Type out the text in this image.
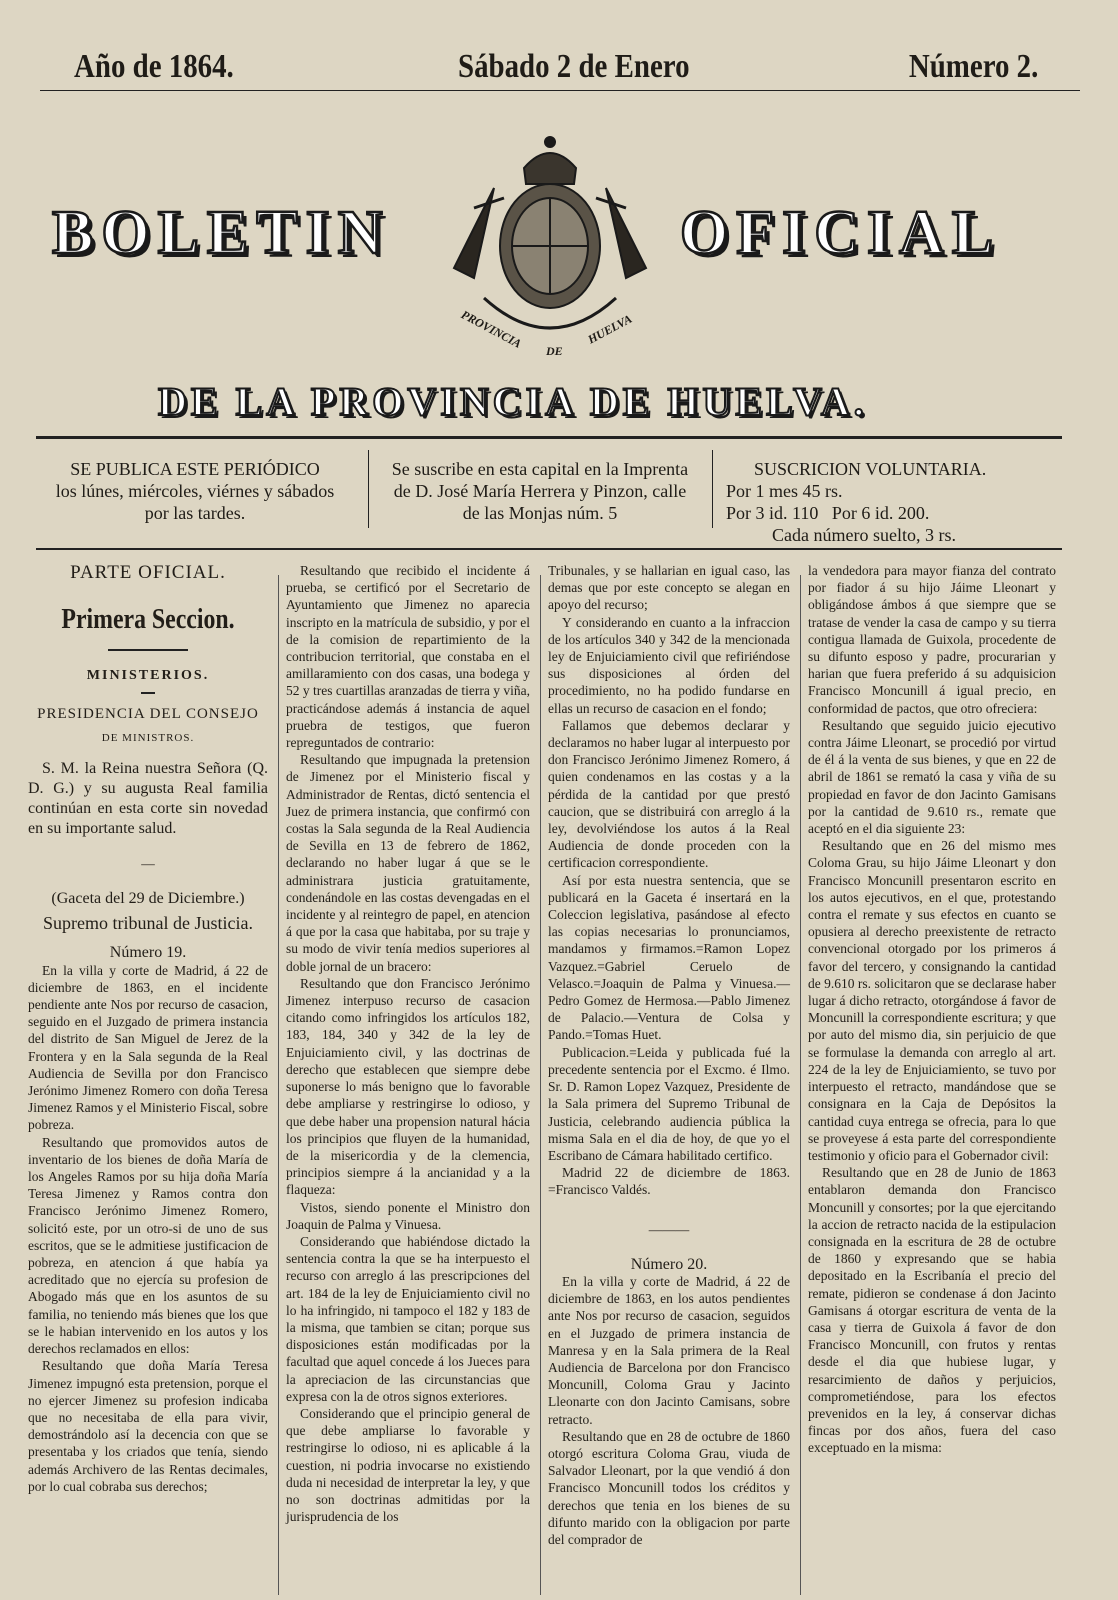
Año de 1864.	Sábado 2 de Enero	Número 2.
BOLETIN	OFICIAL
PROVINCIA
DE
HUELVA
DE LA PROVINCIA DE HUELVA.
SE PUBLICA ESTE PERIÓDICO
los lúnes, miércoles, viérnes y sábados
por las tardes.
Se suscribe en esta capital en la Imprenta
de D. José María Herrera y Pinzon, calle
de las Monjas núm. 5
SUSCRICION VOLUNTARIA.
Por 1 mes 45 rs.
Por 3 id. 110   Por 6 id. 200.
Cada número suelto, 3 rs.
PARTE OFICIAL.
Primera Seccion.
MINISTERIOS.
PRESIDENCIA DEL CONSEJO
DE MINISTROS.

S. M. la Reina nuestra Señora (Q. D. G.) y su augusta Real familia continúan en esta corte sin novedad en su importante salud.

—
(Gaceta del 29 de Diciembre.)
Supremo tribunal de Justicia.
Número 19.

En la villa y corte de Madrid, á 22 de diciembre de 1863, en el incidente pendiente ante Nos por recurso de casacion, seguido en el Juzgado de primera instancia del distrito de San Miguel de Jerez de la Frontera y en la Sala segunda de la Real Audiencia de Sevilla por don Francisco Jerónimo Jimenez Romero con doña Teresa Jimenez Ramos y el Ministerio Fiscal, sobre pobreza.

Resultando que promovidos autos de inventario de los bienes de doña María de los Angeles Ramos por su hija doña María Teresa Jimenez y Ramos contra don Francisco Jerónimo Jimenez Romero, solicitó este, por un otro-si de uno de sus escritos, que se le admitiese justificacion de pobreza, en atencion á que había ya acreditado que no ejercía su profesion de Abogado más que en los asuntos de su familia, no teniendo más bienes que los que se le habian intervenido en los autos y los derechos reclamados en ellos:

Resultando que doña María Teresa Jimenez impugnó esta pretension, porque el no ejercer Jimenez su profesion indicaba que no necesitaba de ella para vivir, demostrándolo así la decencia con que se presentaba y los criados que tenía, siendo además Archivero de las Rentas decimales, por lo cual cobraba sus derechos;

Resultando que recibido el incidente á prueba, se certificó por el Secretario de Ayuntamiento que Jimenez no aparecia inscripto en la matrícula de subsidio, y por el de la comision de repartimiento de la contribucion territorial, que constaba en el amillaramiento con dos casas, una bodega y 52 y tres cuartillas aranzadas de tierra y viña, practicándose además á instancia de aquel pruebra de testigos, que fueron repreguntados de contrario:

Resultando que impugnada la pretension de Jimenez por el Ministerio fiscal y Administrador de Rentas, dictó sentencia el Juez de primera instancia, que confirmó con costas la Sala segunda de la Real Audiencia de Sevilla en 13 de febrero de 1862, declarando no haber lugar á que se le administrara justicia gratuitamente, condenándole en las costas devengadas en el incidente y al reintegro de papel, en atencion á que por la casa que habitaba, por su traje y su modo de vivir tenía medios superiores al doble jornal de un bracero:

Resultando que don Francisco Jerónimo Jimenez interpuso recurso de casacion citando como infringidos los artículos 182, 183, 184, 340 y 342 de la ley de Enjuiciamiento civil, y las doctrinas de derecho que establecen que siempre debe suponerse lo más benigno que lo favorable debe ampliarse y restringirse lo odioso, y que debe haber una propension natural hácia los principios que fluyen de la humanidad, de la misericordia y de la clemencia, principios siempre á la ancianidad y a la flaqueza:

Vistos, siendo ponente el Ministro don Joaquin de Palma y Vinuesa.

Considerando que habiéndose dictado la sentencia contra la que se ha interpuesto el recurso con arreglo á las prescripciones del art. 184 de la ley de Enjuiciamiento civil no lo ha infringido, ni tampoco el 182 y 183 de la misma, que tambien se citan; porque sus disposiciones están modificadas por la facultad que aquel concede á los Jueces para la apreciacion de las circunstancias que expresa con la de otros signos exteriores.

Considerando que el principio general de que debe ampliarse lo favorable y restringirse lo odioso, ni es aplicable á la cuestion, ni podria invocarse no existiendo duda ni necesidad de interpretar la ley, y que no son doctrinas admitidas por la jurisprudencia de los

Tribunales, y se hallarian en igual caso, las demas que por este concepto se alegan en apoyo del recurso;

Y considerando en cuanto a la infraccion de los artículos 340 y 342 de la mencionada ley de Enjuiciamiento civil que refiriéndose sus disposiciones al órden del procedimiento, no ha podido fundarse en ellas un recurso de casacion en el fondo;

Fallamos que debemos declarar y declaramos no haber lugar al interpuesto por don Francisco Jerónimo Jimenez Romero, á quien condenamos en las costas y a la pérdida de la cantidad por que prestó caucion, que se distribuirá con arreglo á la ley, devolviéndose los autos á la Real Audiencia de donde proceden con la certificacion correspondiente.

Así por esta nuestra sentencia, que se publicará en la Gaceta é insertará en la Coleccion legislativa, pasándose al efecto las copias necesarias lo pronunciamos, mandamos y firmamos.=Ramon Lopez Vazquez.=Gabriel Ceruelo de Velasco.=Joaquin de Palma y Vinuesa.—Pedro Gomez de Hermosa.—Pablo Jimenez de Palacio.—Ventura de Colsa y Pando.=Tomas Huet.

Publicacion.=Leida y publicada fué la precedente sentencia por el Excmo. é Ilmo. Sr. D. Ramon Lopez Vazquez, Presidente de la Sala primera del Supremo Tribunal de Justicia, celebrando audiencia pública la misma Sala en el dia de hoy, de que yo el Escribano de Cámara habilitado certifico.

Madrid 22 de diciembre de 1863. =Francisco Valdés.

———
Número 20.

En la villa y corte de Madrid, á 22 de diciembre de 1863, en los autos pendientes ante Nos por recurso de casacion, seguidos en el Juzgado de primera instancia de Manresa y en la Sala primera de la Real Audiencia de Barcelona por don Francisco Moncunill, Coloma Grau y Jacinto Lleonarte con don Jacinto Camisans, sobre retracto.

Resultando que en 28 de octubre de 1860 otorgó escritura Coloma Grau, viuda de Salvador Lleonart, por la que vendió á don Francisco Moncunill todos los créditos y derechos que tenia en los bienes de su difunto marido con la obligacion por parte del comprador de

la vendedora para mayor fianza del contrato por fiador á su hijo Jáime Lleonart y obligándose ámbos á que siempre que se tratase de vender la casa de campo y su tierra contigua llamada de Guixola, procedente de su difunto esposo y padre, procurarian y harian que fuera preferido á su adquisicion Francisco Moncunill á igual precio, en conformidad de pactos, que otro ofreciera:

Resultando que seguido juicio ejecutivo contra Jáime Lleonart, se procedió por virtud de él á la venta de sus bienes, y que en 22 de abril de 1861 se remató la casa y viña de su propiedad en favor de don Jacinto Gamisans por la cantidad de 9.610 rs., remate que aceptó en el dia siguiente 23:

Resultando que en 26 del mismo mes Coloma Grau, su hijo Jáime Lleonart y don Francisco Moncunill presentaron escrito en los autos ejecutivos, en el que, protestando contra el remate y sus efectos en cuanto se opusiera al derecho preexistente de retracto convencional otorgado por los primeros á favor del tercero, y consignando la cantidad de 9.610 rs. solicitaron que se declarase haber lugar á dicho retracto, otorgándose á favor de Moncunill la correspondiente escritura; y que por auto del mismo dia, sin perjuicio de que se formulase la demanda con arreglo al art. 224 de la ley de Enjuiciamiento, se tuvo por interpuesto el retracto, mandándose que se consignara en la Caja de Depósitos la cantidad cuya entrega se ofrecia, para lo que se proveyese á esta parte del correspondiente testimonio y oficio para el Gobernador civil:

Resultando que en 28 de Junio de 1863 entablaron demanda don Francisco Moncunill y consortes; por la que ejercitando la accion de retracto nacida de la estipulacion consignada en la escritura de 28 de octubre de 1860 y expresando que se habia depositado en la Escribanía el precio del remate, pidieron se condenase á don Jacinto Gamisans á otorgar escritura de venta de la casa y tierra de Guixola á favor de don Francisco Moncunill, con frutos y rentas desde el dia que hubiese lugar, y resarcimiento de daños y perjuicios, comprometiéndose, para los efectos prevenidos en la ley, á conservar dichas fincas por dos años, fuera del caso exceptuado en la misma:
